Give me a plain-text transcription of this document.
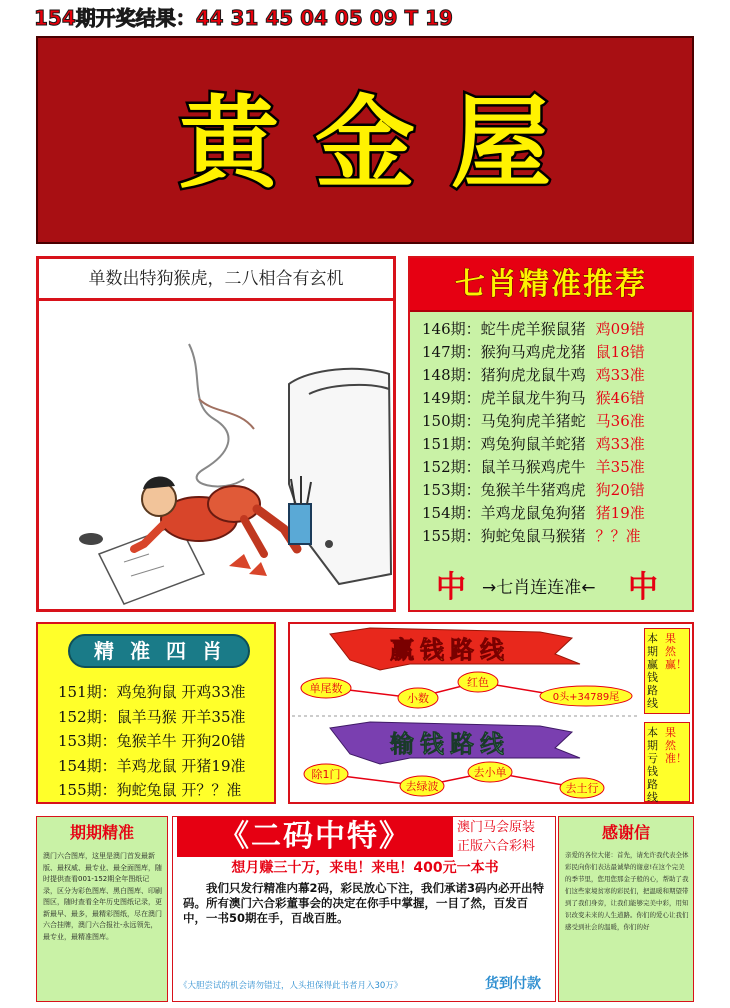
154期开奖结果：44 31 45 04 05 09 T 19
黄金屋
单数出特狗猴虎，二八相合有玄机	七肖精准推荐
146期：蛇牛虎羊猴鼠猪 鸡09错
147期：猴狗马鸡虎龙猪 鼠18错
148期：猪狗虎龙鼠牛鸡 鸡33准
149期：虎羊鼠龙牛狗马 猴46错
150期：马兔狗虎羊猪蛇 马36准
151期：鸡兔狗鼠羊蛇猪 鸡33准
152期：鼠羊马猴鸡虎牛 羊35准
153期：兔猴羊牛猪鸡虎 狗20错
154期：羊鸡龙鼠兔狗猪 猪19准
155期：狗蛇兔鼠马猴猪 ？？准
中 →七肖连连准← 中
精准四肖
151期：鸡兔狗鼠 开鸡33准
152期：鼠羊马猴 开羊35准
153期：兔猴羊牛 开狗20错
154期：羊鸡龙鼠 开猪19准
155期：狗蛇兔鼠 开？？准
赢钱路线
单尾数
小数
红色
0头+34789尾
输钱路线
除1门
去绿波
去小单
去土行
本期赢钱路线果然赢！
本期亏钱路线果然准！
期期精准
澳门六合图库，这里是澳门首发最新版、最权威、最专业、最全面图库，随时提供查看001-152期全年图纸记录，区分为彩色图库、黑白图库、印刷图区，随时查看全年历史图纸记录，更新最早、最多，最精彩图纸，尽在澳门六合挂牌，澳门六合报社-永远领先，最专业，最精准图库。
《二码中特》	澳门马会原装
正版六合彩料
想月赚三十万，来电！来电！400元一本书

我们只发行精准内幕2码，彩民放心下注，我们承诺3码内必开出特码。所有澳门六合彩董事会的决定在你手中掌握，一目了然，百发百中，一书50期在手，百战百胜。

《大胆尝试的机会请勿错过，人头担保得此书者月入30万》	货到付款
感谢信
亲爱的各位大佬：首先，请允许我代表全体彩民向你们表达最诚挚的谢意!在这个完美的季节里，您用您那金子般的心，帮助了我们这些家境贫寒的彩民们，把温暖和期望带到了我们身旁，让我们能够完美中彩，用知识改变未来的人生道路。你们的爱心让我们感受到社会的温暖，你们的好
